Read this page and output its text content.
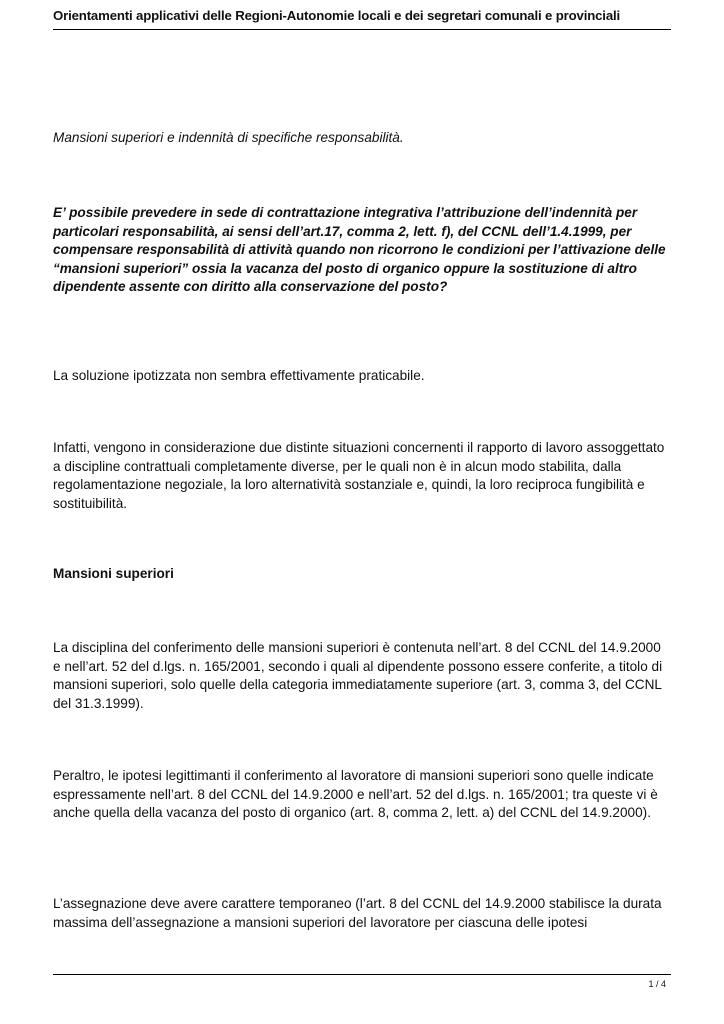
Orientamenti applicativi delle Regioni-Autonomie locali e dei segretari comunali e provinciali
Mansioni superiori e indennità di specifiche responsabilità.
E’ possibile prevedere in sede di contrattazione integrativa l’attribuzione dell’indennità per particolari responsabilità, ai sensi dell’art.17, comma 2, lett. f), del CCNL dell’1.4.1999, per compensare responsabilità di attività quando non ricorrono le condizioni per l’attivazione delle “mansioni superiori” ossia la vacanza del posto di organico oppure la sostituzione di altro dipendente assente con diritto alla conservazione del posto?
La soluzione ipotizzata non sembra effettivamente praticabile.
Infatti, vengono in considerazione due distinte situazioni concernenti il rapporto di lavoro assoggettato a discipline contrattuali completamente diverse, per le quali non è in alcun modo stabilita, dalla regolamentazione negoziale, la loro alternatività sostanziale e, quindi, la loro reciproca fungibilità e sostituibilità.
Mansioni superiori
La disciplina del conferimento delle mansioni superiori è contenuta nell’art. 8 del CCNL del 14.9.2000 e nell’art. 52 del d.lgs. n. 165/2001, secondo i quali al dipendente possono essere conferite, a titolo di mansioni superiori, solo quelle della categoria immediatamente superiore (art. 3, comma 3, del CCNL del 31.3.1999).
Peraltro, le ipotesi legittimanti il conferimento al lavoratore di mansioni superiori sono quelle indicate espressamente nell’art. 8 del CCNL del 14.9.2000 e nell’art. 52 del d.lgs. n. 165/2001; tra queste vi è anche quella della vacanza del posto di organico (art. 8, comma 2, lett. a) del CCNL del 14.9.2000).
L’assegnazione deve avere carattere temporaneo (l’art. 8 del CCNL del 14.9.2000 stabilisce la durata massima dell’assegnazione a mansioni superiori del lavoratore per ciascuna delle ipotesi
1 / 4
